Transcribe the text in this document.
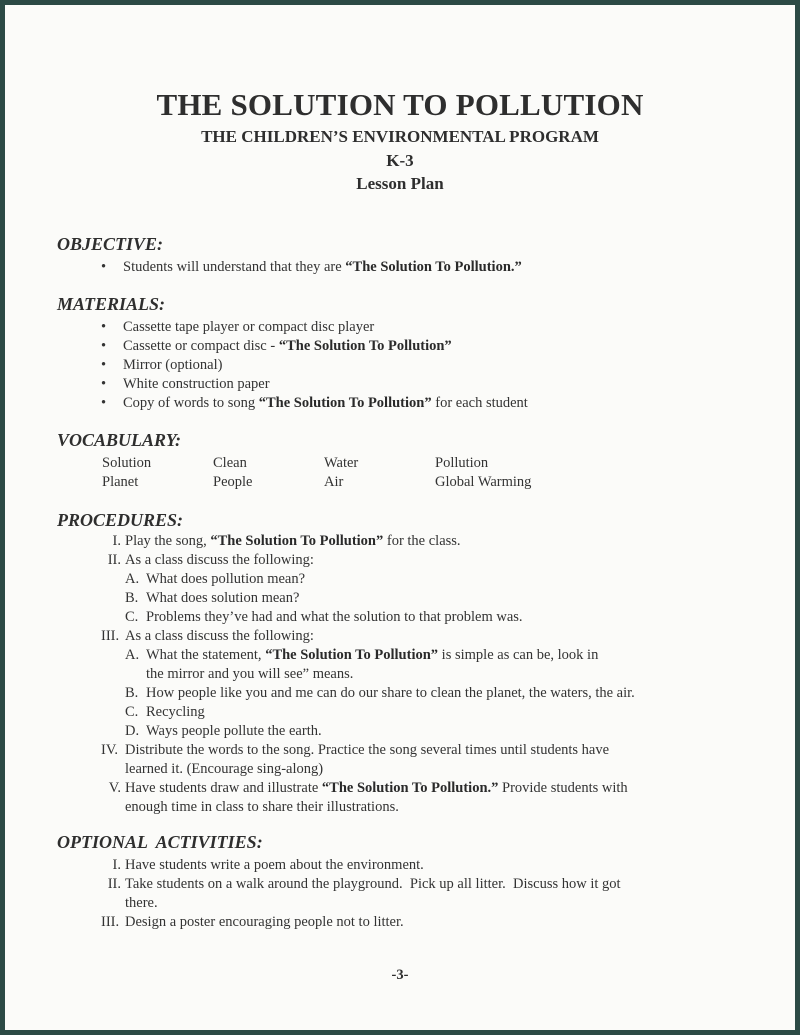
THE SOLUTION TO POLLUTION
THE CHILDREN’S ENVIRONMENTAL PROGRAM
K-3
Lesson Plan
OBJECTIVE:
• Students will understand that they are “The Solution To Pollution.”
MATERIALS:
• Cassette tape player or compact disc player
• Cassette or compact disc - “The Solution To Pollution”
• Mirror (optional)
• White construction paper
• Copy of words to song “The Solution To Pollution” for each student
VOCABULARY:
Solution	Clean	Water	Pollution
Planet	People	Air	Global Warming
PROCEDURES:
I. Play the song, “The Solution To Pollution” for the class.
II. As a class discuss the following:
A. What does pollution mean?
B. What does solution mean?
C. Problems they’ve had and what the solution to that problem was.
III. As a class discuss the following:
A. What the statement, “The Solution To Pollution” is simple as can be, look in
the mirror and you will see” means.
B. How people like you and me can do our share to clean the planet, the waters, the air.
C. Recycling
D. Ways people pollute the earth.
IV. Distribute the words to the song. Practice the song several times until students have
learned it. (Encourage sing-along)
V. Have students draw and illustrate “The Solution To Pollution.” Provide students with
enough time in class to share their illustrations.
OPTIONAL  ACTIVITIES:
I. Have students write a poem about the environment.
II. Take students on a walk around the playground.  Pick up all litter.  Discuss how it got
there.
III. Design a poster encouraging people not to litter.
-3-
